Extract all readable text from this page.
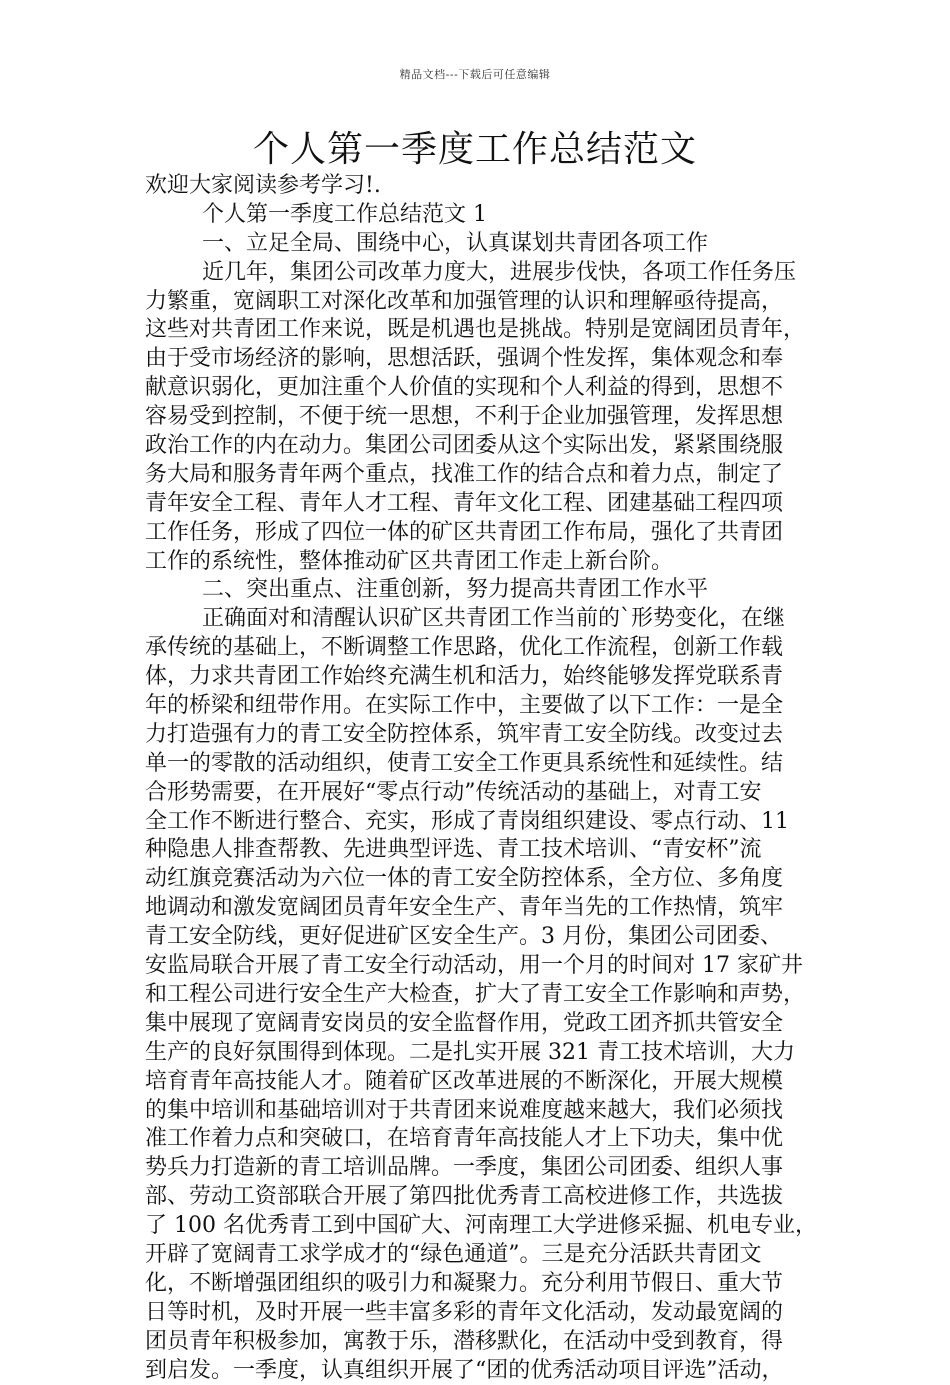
精品文档---下载后可任意编辑
个人第一季度工作总结范文
欢迎大家阅读参考学习!.
个人第一季度工作总结范文 1
一、立足全局、围绕中心，认真谋划共青团各项工作
近几年，集团公司改革力度大，进展步伐快，各项工作任务压
力繁重，宽阔职工对深化改革和加强管理的认识和理解亟待提高，
这些对共青团工作来说，既是机遇也是挑战。特别是宽阔团员青年，
由于受市场经济的影响，思想活跃，强调个性发挥，集体观念和奉
献意识弱化，更加注重个人价值的实现和个人利益的得到，思想不
容易受到控制，不便于统一思想，不利于企业加强管理，发挥思想
政治工作的内在动力。集团公司团委从这个实际出发，紧紧围绕服
务大局和服务青年两个重点，找准工作的结合点和着力点，制定了
青年安全工程、青年人才工程、青年文化工程、团建基础工程四项
工作任务，形成了四位一体的矿区共青团工作布局，强化了共青团
工作的系统性，整体推动矿区共青团工作走上新台阶。
二、突出重点、注重创新，努力提高共青团工作水平
正确面对和清醒认识矿区共青团工作当前的`形势变化，在继
承传统的基础上，不断调整工作思路，优化工作流程，创新工作载
体，力求共青团工作始终充满生机和活力，始终能够发挥党联系青
年的桥梁和纽带作用。在实际工作中，主要做了以下工作：一是全
力打造强有力的青工安全防控体系，筑牢青工安全防线。改变过去
单一的零散的活动组织，使青工安全工作更具系统性和延续性。结
合形势需要，在开展好“零点行动”传统活动的基础上，对青工安
全工作不断进行整合、充实，形成了青岗组织建设、零点行动、11
种隐患人排查帮教、先进典型评选、青工技术培训、“青安杯”流
动红旗竞赛活动为六位一体的青工安全防控体系，全方位、多角度
地调动和激发宽阔团员青年安全生产、青年当先的工作热情，筑牢
青工安全防线，更好促进矿区安全生产。3 月份，集团公司团委、
安监局联合开展了青工安全行动活动，用一个月的时间对 17 家矿井
和工程公司进行安全生产大检查，扩大了青工安全工作影响和声势，
集中展现了宽阔青安岗员的安全监督作用，党政工团齐抓共管安全
生产的良好氛围得到体现。二是扎实开展 321 青工技术培训，大力
培育青年高技能人才。随着矿区改革进展的不断深化，开展大规模
的集中培训和基础培训对于共青团来说难度越来越大，我们必须找
准工作着力点和突破口，在培育青年高技能人才上下功夫，集中优
势兵力打造新的青工培训品牌。一季度，集团公司团委、组织人事
部、劳动工资部联合开展了第四批优秀青工高校进修工作，共选拔
了 100 名优秀青工到中国矿大、河南理工大学进修采掘、机电专业，
开辟了宽阔青工求学成才的“绿色通道”。三是充分活跃共青团文
化，不断增强团组织的吸引力和凝聚力。充分利用节假日、重大节
日等时机，及时开展一些丰富多彩的青年文化活动，发动最宽阔的
团员青年积极参加，寓教于乐，潜移默化，在活动中受到教育，得
到启发。一季度，认真组织开展了“团的优秀活动项目评选”活动，
